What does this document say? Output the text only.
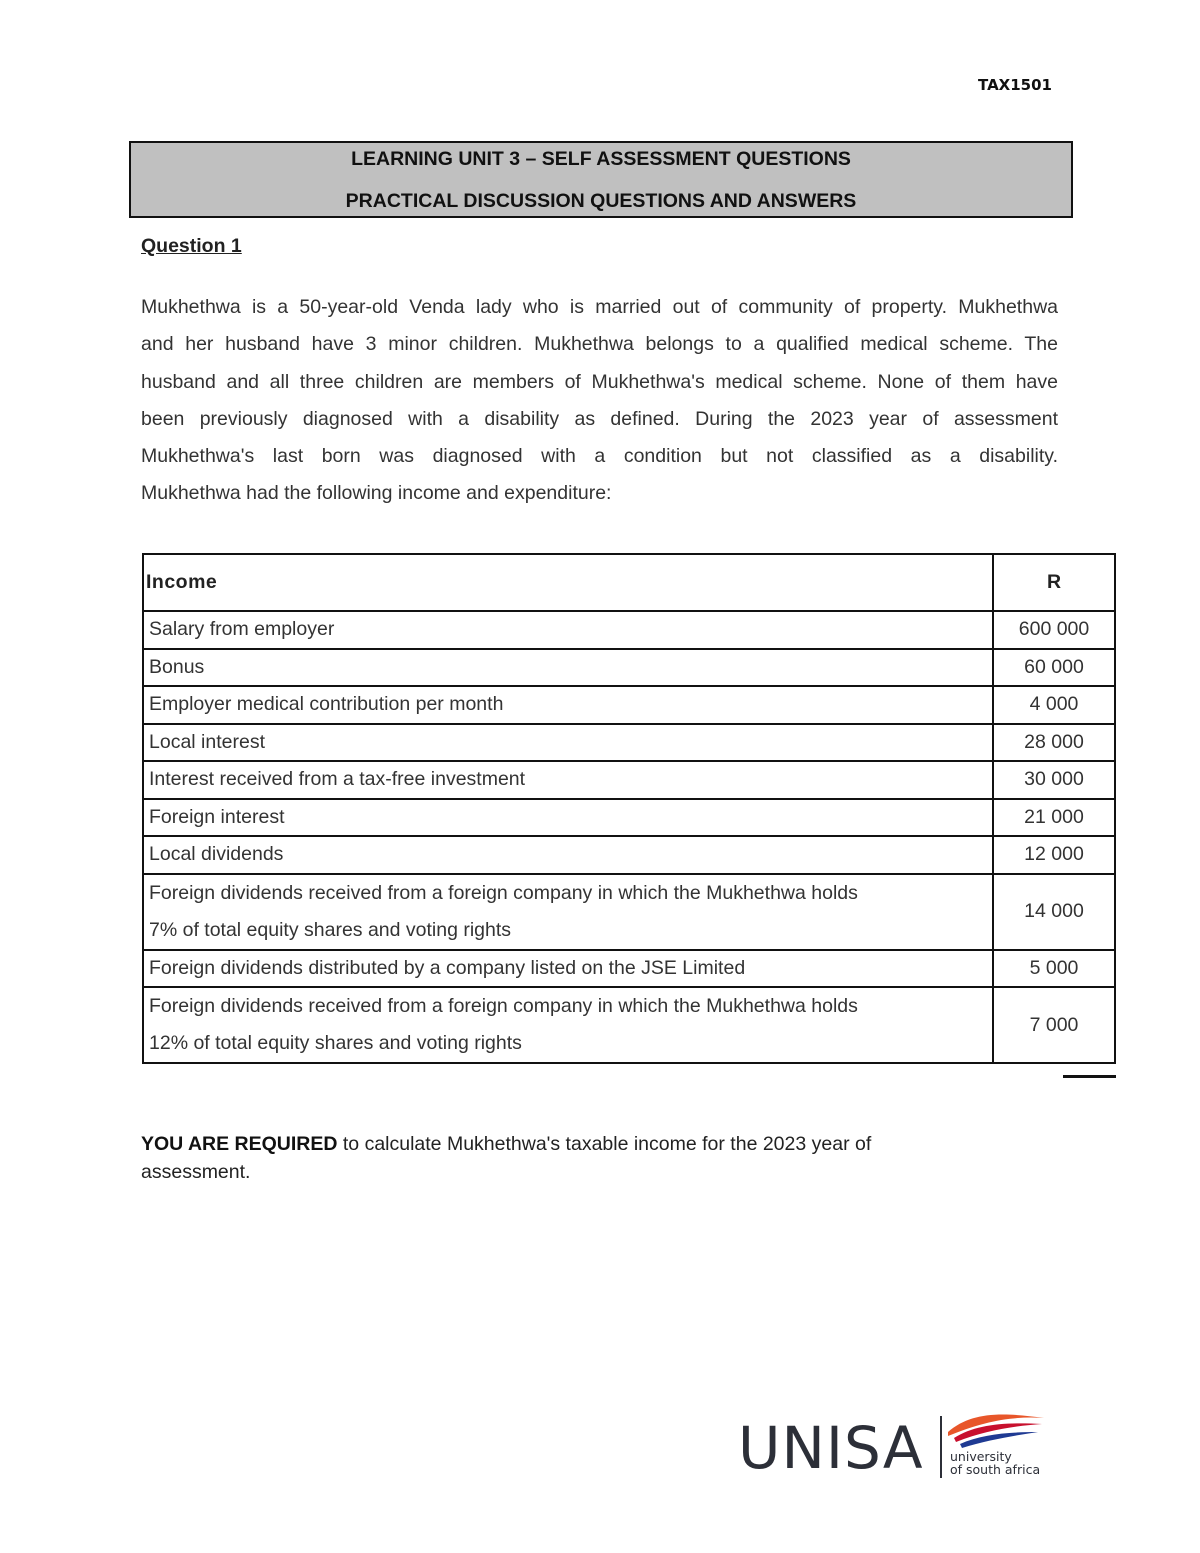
TAX1501
LEARNING UNIT 3 – SELF ASSESSMENT QUESTIONS
PRACTICAL DISCUSSION QUESTIONS AND ANSWERS
Question 1
Mukhethwa is a 50-year-old Venda lady who is married out of community of property. Mukhethwa
and her husband have 3 minor children. Mukhethwa belongs to a qualified medical scheme. The
husband and all three children are members of Mukhethwa's medical scheme. None of them have
been previously diagnosed with a disability as defined. During the 2023 year of assessment
Mukhethwa's last born was diagnosed with a condition but not classified as a disability.
Mukhethwa had the following income and expenditure:
Income	R
Salary from employer	600 000
Bonus	60 000
Employer medical contribution per month	4 000
Local interest	28 000
Interest received from a tax-free investment	30 000
Foreign interest	21 000
Local dividends	12 000
Foreign dividends received from a foreign company in which the Mukhethwa holds
7% of total equity shares and voting rights	14 000
Foreign dividends distributed by a company listed on the JSE Limited	5 000
Foreign dividends received from a foreign company in which the Mukhethwa holds
12% of total equity shares and voting rights	7 000
YOU ARE REQUIRED to calculate Mukhethwa's taxable income for the 2023 year of assessment.
UNISA university
of south africa
